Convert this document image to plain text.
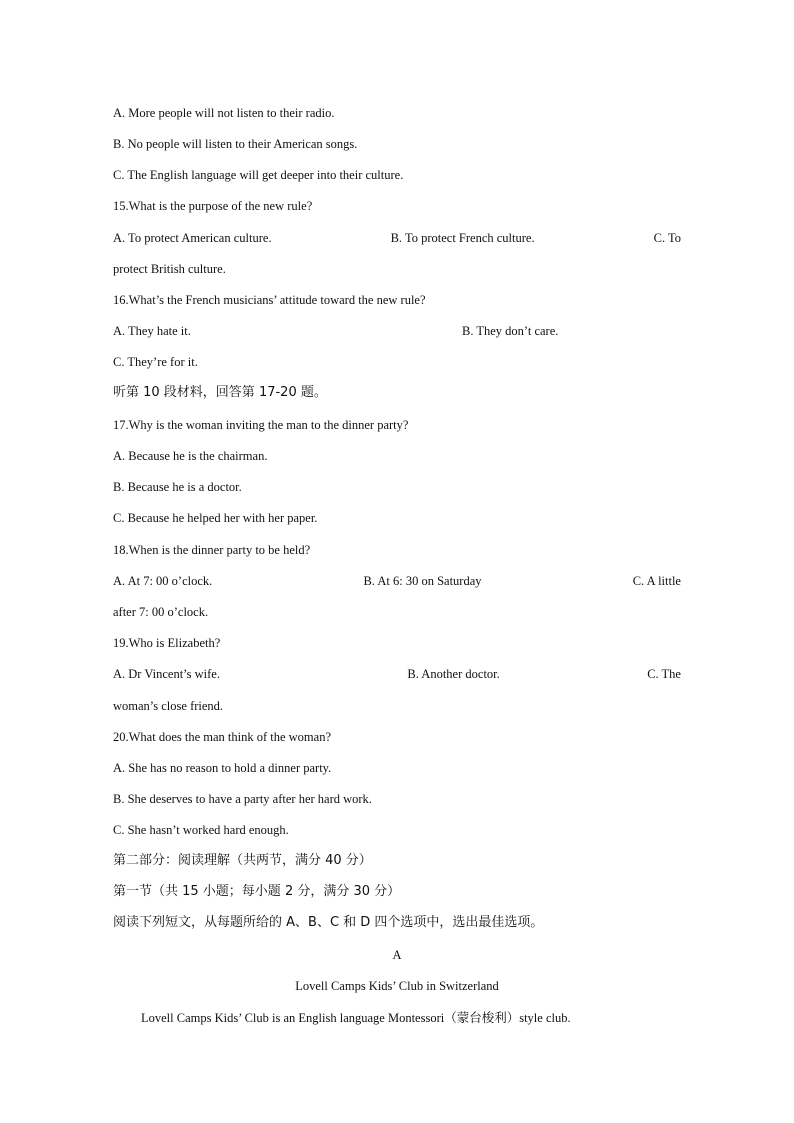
A. More people will not listen to their radio.
B. No people will listen to their American songs.
C. The English language will get deeper into their culture.
15.What is the purpose of the new rule?
A. To protect American culture.	B. To protect French culture.	C. To
protect British culture.
16.What’s the French musicians’ attitude toward the new rule?
A. They hate it.	B. They don’t care.
C. They’re for it.
听第 10 段材料，回答第 17-20 题。
17.Why is the woman inviting the man to the dinner party?
A. Because he is the chairman.
B. Because he is a doctor.
C. Because he helped her with her paper.
18.When is the dinner party to be held?
A. At 7: 00 o’clock.	B. At 6: 30 on Saturday	C. A little
after 7: 00 o’clock.
19.Who is Elizabeth?
A. Dr Vincent’s wife.	B. Another doctor.	C. The
woman’s close friend.
20.What does the man think of the woman?
A. She has no reason to hold a dinner party.
B. She deserves to have a party after her hard work.
C. She hasn’t worked hard enough.
第二部分：阅读理解（共两节，满分 40 分）
第一节（共 15 小题；每小题 2 分，满分 30 分）
阅读下列短文，从每题所给的 A、B、C 和 D 四个选项中，选出最佳选项。
A
Lovell Camps Kids’ Club in Switzerland
Lovell Camps Kids’ Club is an English language Montessori（蒙台梭利）style club.
